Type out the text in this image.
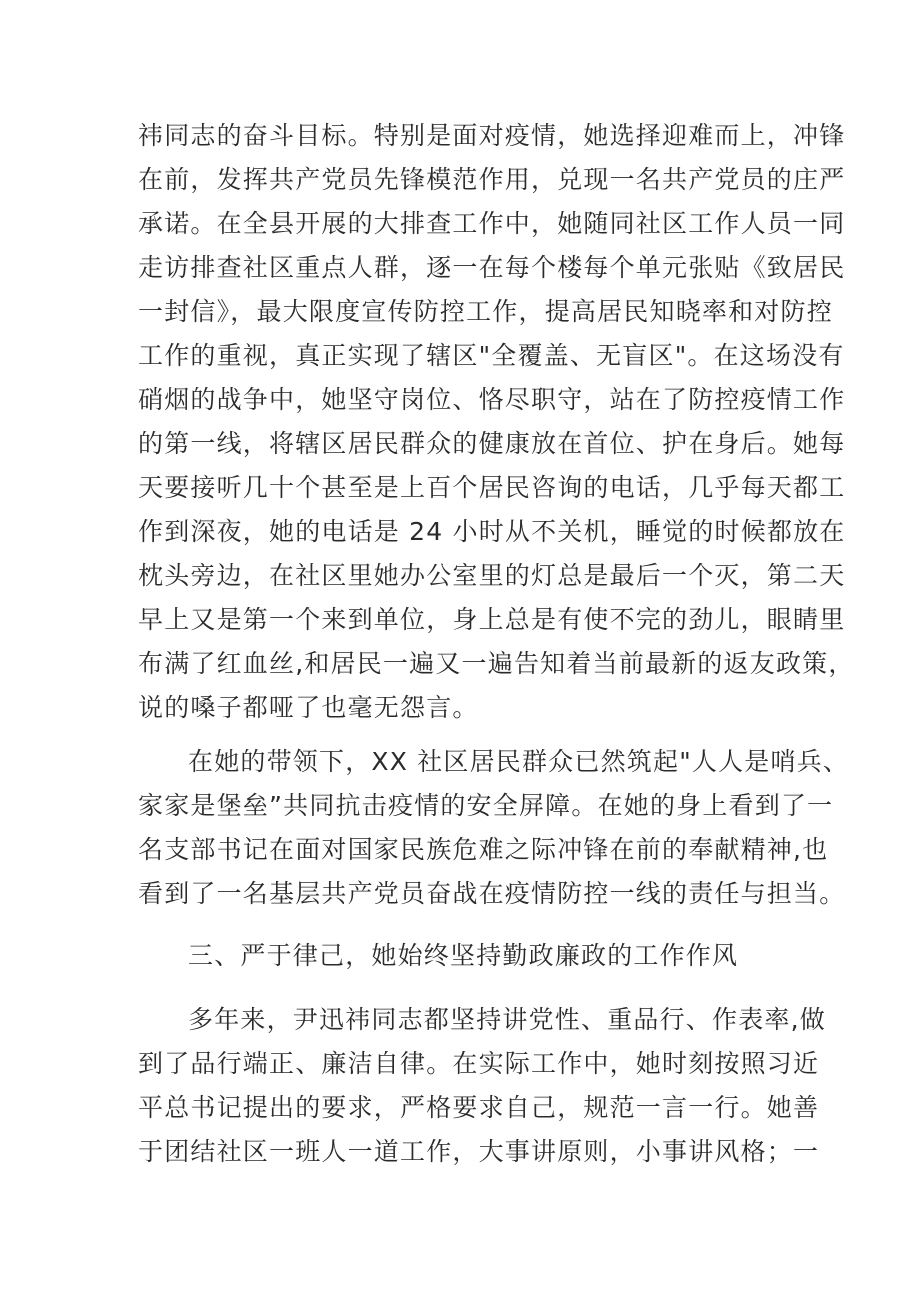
祎同志的奋斗目标。特别是面对疫情，她选择迎难而上，冲锋
在前，发挥共产党员先锋模范作用，兑现一名共产党员的庄严
承诺。在全县开展的大排查工作中，她随同社区工作人员一同
走访排查社区重点人群，逐一在每个楼每个单元张贴《致居民
一封信》，最大限度宣传防控工作，提高居民知晓率和对防控
工作的重视，真正实现了辖区"全覆盖、无盲区"。在这场没有
硝烟的战争中，她坚守岗位、恪尽职守，站在了防控疫情工作
的第一线，将辖区居民群众的健康放在首位、护在身后。她每
天要接听几十个甚至是上百个居民咨询的电话，几乎每天都工
作到深夜，她的电话是 24 小时从不关机，睡觉的时候都放在
枕头旁边，在社区里她办公室里的灯总是最后一个灭，第二天
早上又是第一个来到单位，身上总是有使不完的劲儿，眼睛里
布满了红血丝,和居民一遍又一遍告知着当前最新的返友政策，
说的嗓子都哑了也毫无怨言。
在她的带领下，XX 社区居民群众已然筑起"人人是哨兵、
家家是堡垒”共同抗击疫情的安全屏障。在她的身上看到了一
名支部书记在面对国家民族危难之际冲锋在前的奉献精神,也
看到了一名基层共产党员奋战在疫情防控一线的责任与担当。
三、严于律己，她始终坚持勤政廉政的工作作风
多年来，尹迅祎同志都坚持讲党性、重品行、作表率,做
到了品行端正、廉洁自律。在实际工作中，她时刻按照习近
平总书记提出的要求，严格要求自己，规范一言一行。她善
于团结社区一班人一道工作，大事讲原则，小事讲风格；一
